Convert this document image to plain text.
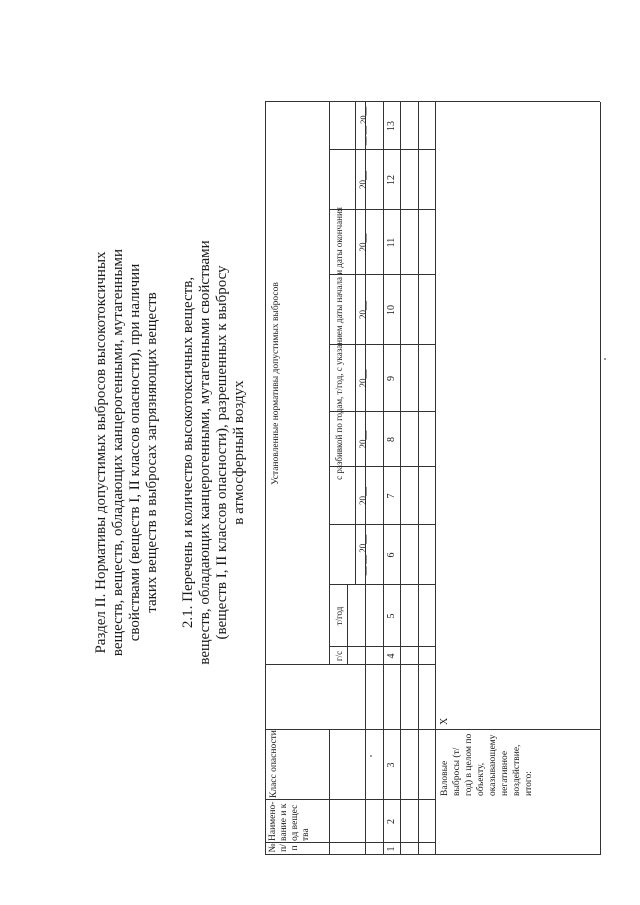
Раздел II. Нормативы допустимых выбросов высокотоксичных веществ, веществ, обладающих канцерогенными, мутагенными свойствами (веществ I, II классов опасности), при наличии таких веществ в выбросах загрязняющих веществ 2.1. Перечень и количество высокотоксичных веществ, веществ, обладающих канцерогенными, мутагенными свойствами (веществ I, II классов опасности), разрешенных к выбросу в атмосферный воздух
№ п/п
Наимено-вание и код вещества
Класс опасности
Установленные нормативы допустимых выбросов
г/с
т/год
с разбивкой по годам, т/год, с указанием даты начала и даты окончания
__.__.20__
20__
20__
20__
20__
20__
20__
__.__.20__
1
2
3
4
5
6
7
8
9
10
11
12
13
Валовые выбросы (т/год) в целом по объекту, оказывающему негативное воздействие, итого:
X
